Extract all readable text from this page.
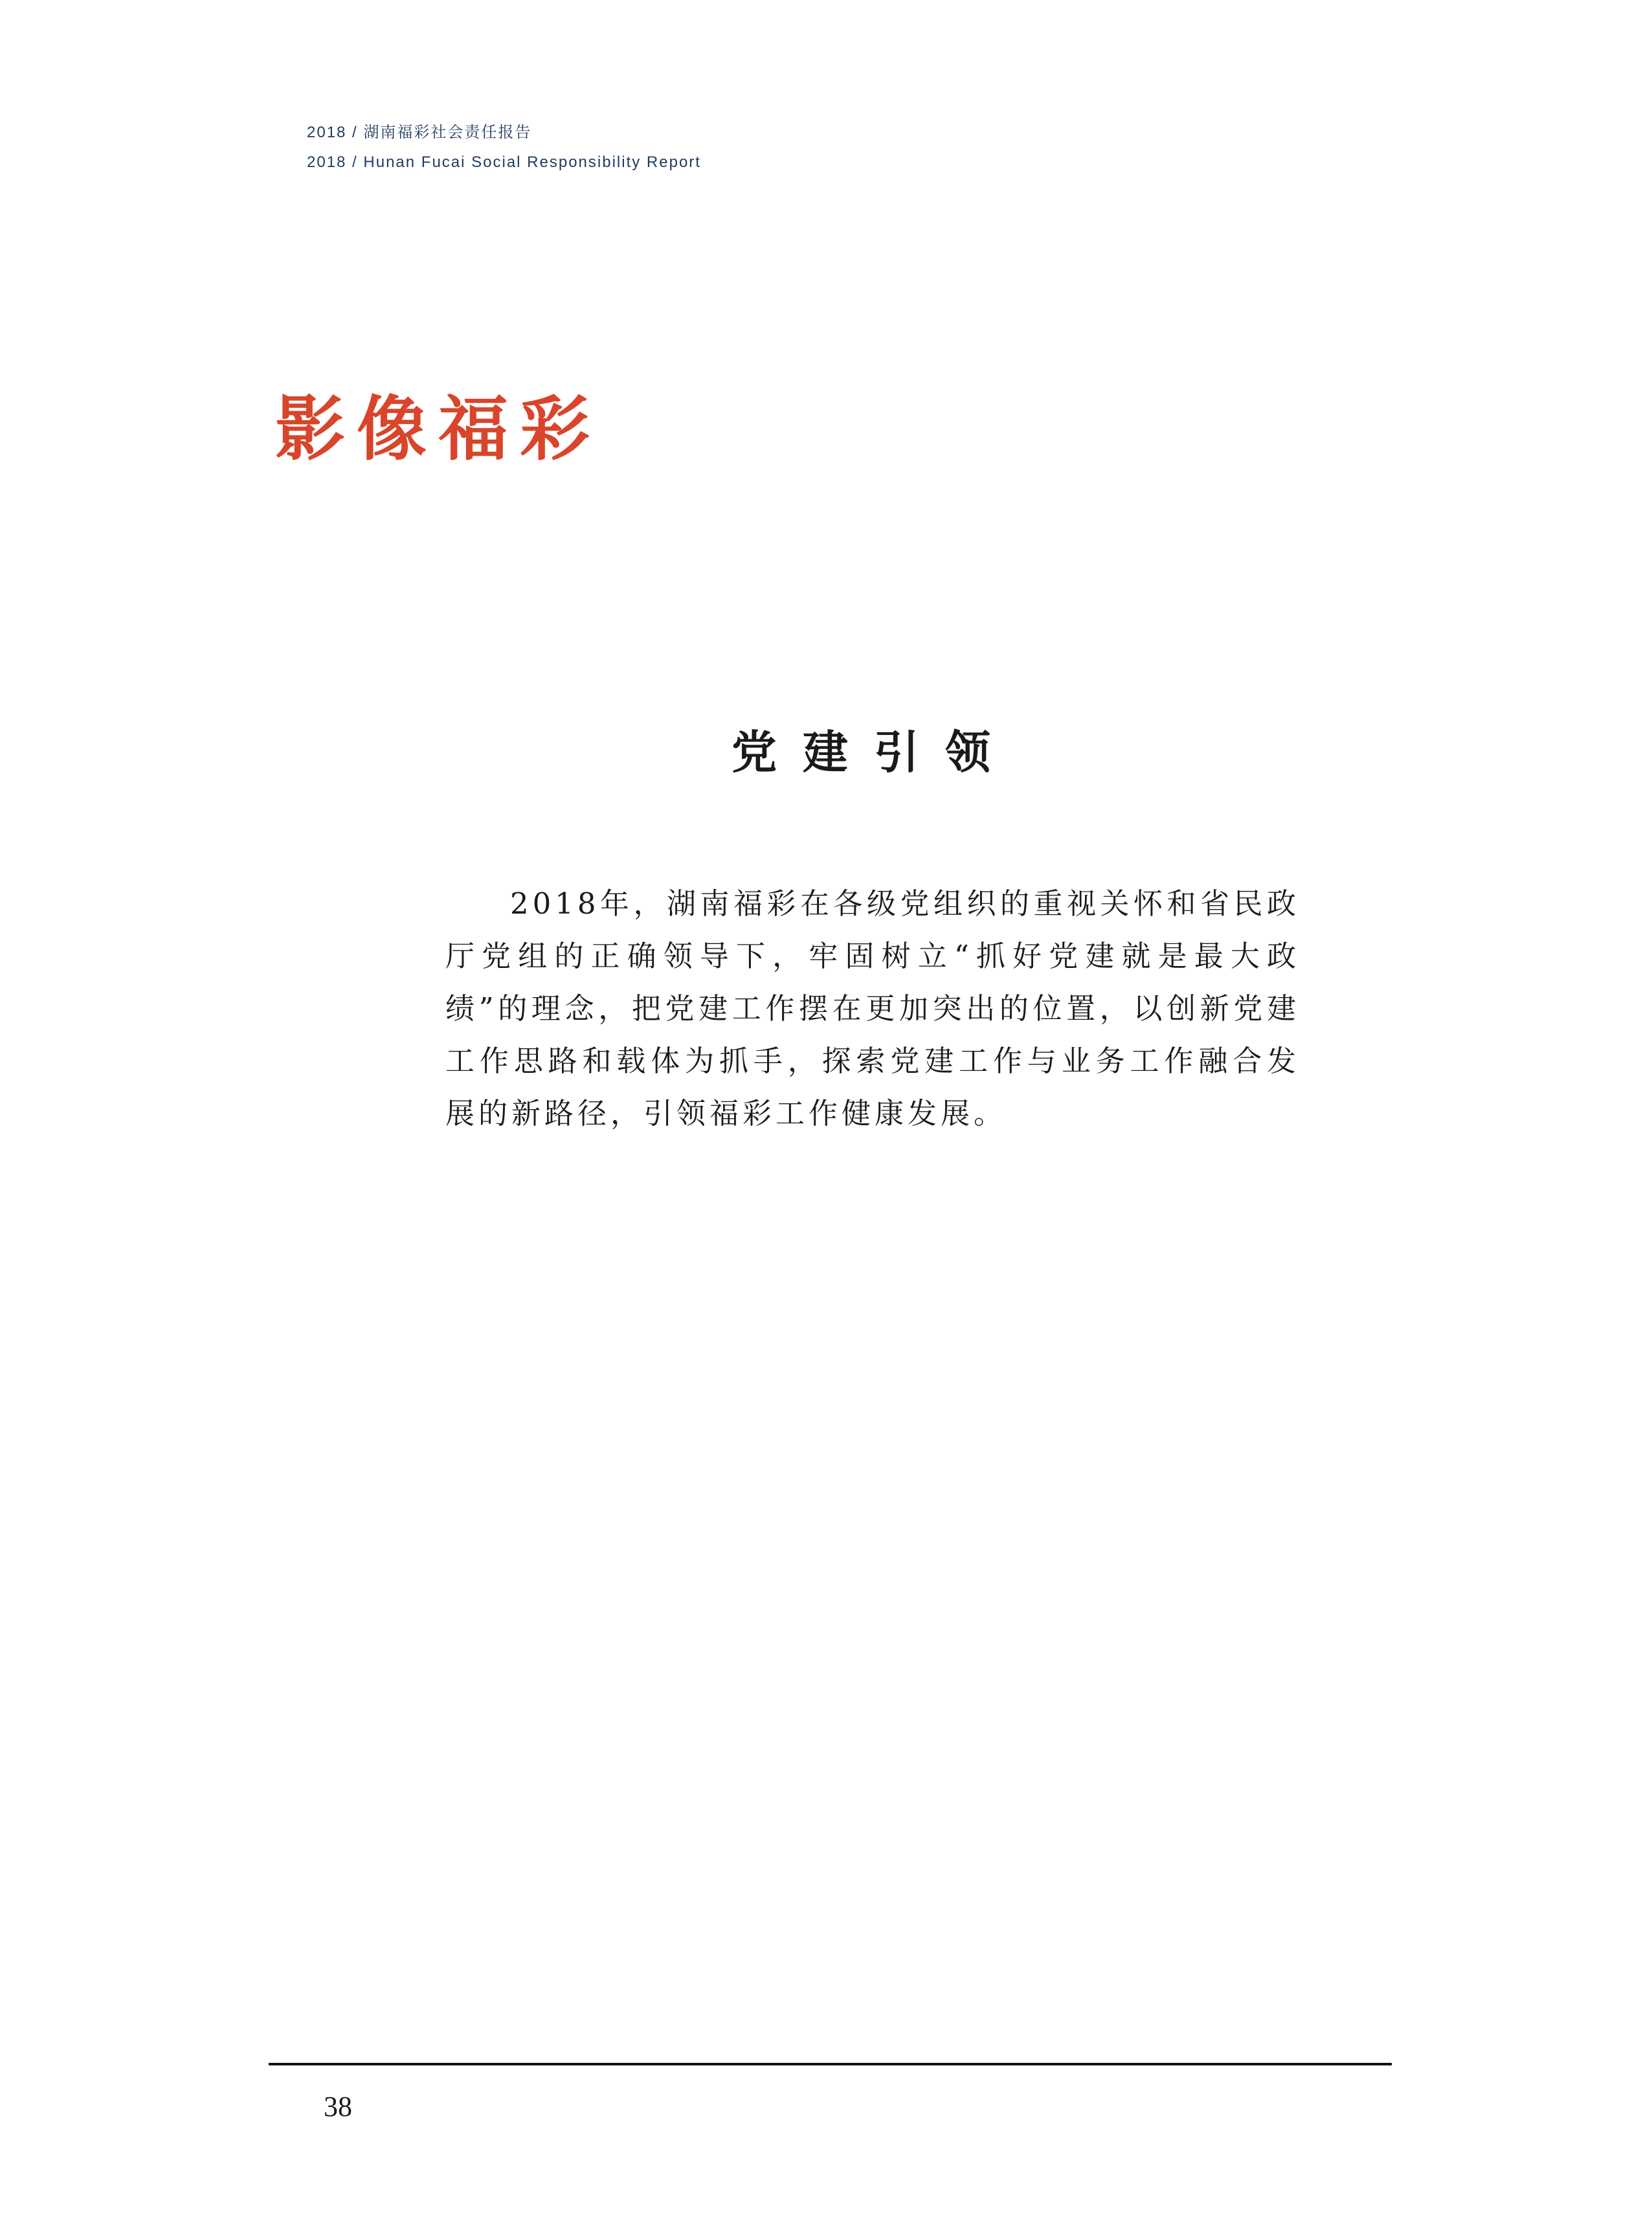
2018 / 湖南福彩社会责任报告
2018 / Hunan Fucai Social Responsibility Report
影像福彩
党建引领

2018年，湖南福彩在各级党组织的重视关怀和省民政厅党组的正确领导下，牢固树立“抓好党建就是最大政绩”的理念，把党建工作摆在更加突出的位置，以创新党建工作思路和载体为抓手，探索党建工作与业务工作融合发展的新路径，引领福彩工作健康发展。

38
